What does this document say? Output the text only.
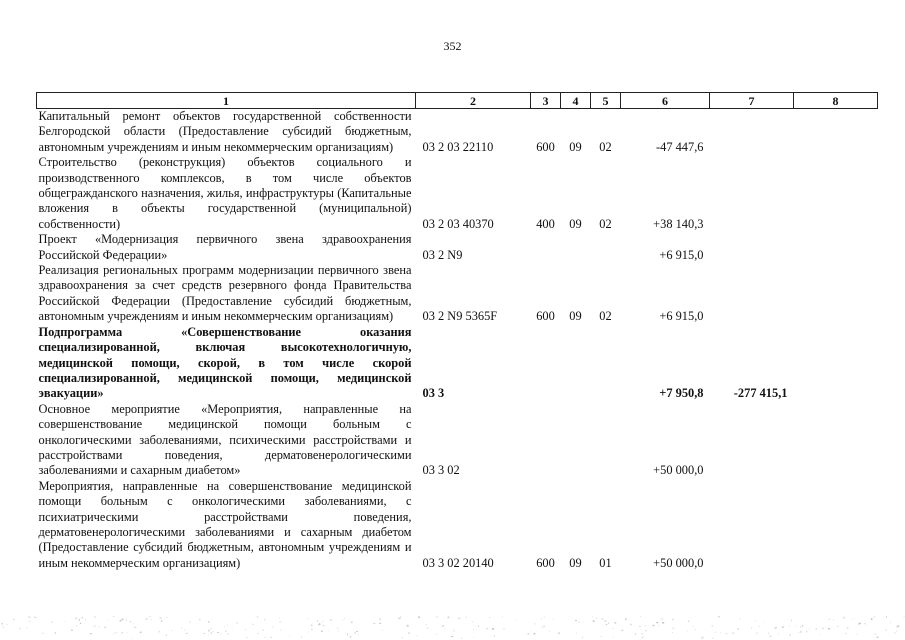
352
1	2	3	4	5	6	7	8
Капитальный ремонт объектов государственной собственности Белгородской области (Предоставление субсидий бюджетным, автономным учреждениям и иным некоммерческим организациям)	03 2 03 22110	600	09	02	-47 447,6		
Строительство (реконструкция) объектов социального и производственного комплексов, в том числе объектов общегражданского назначения, жилья, инфраструктуры (Капитальные вложения в объекты государственной (муниципальной) собственности)	03 2 03 40370	400	09	02	+38 140,3		
Проект «Модернизация первичного звена здравоохранения Российской Федерации»	03 2 N9				+6 915,0		
Реализация региональных программ модернизации первичного звена здравоохранения за счет средств резервного фонда Правительства Российской Федерации (Предоставление субсидий бюджетным, автономным учреждениям и иным некоммерческим организациям)	03 2 N9 5365F	600	09	02	+6 915,0		
Подпрограмма «Совершенствование оказания специализированной, включая высокотехнологичную, медицинской помощи, скорой, в том числе скорой специализированной, медицинской помощи, медицинской эвакуации»	03 3				+7 950,8	-277 415,1	
Основное мероприятие «Мероприятия, направленные на совершенствование медицинской помощи больным с онкологическими заболеваниями, психическими расстройствами и расстройствами поведения, дерматовенерологическими заболеваниями и сахарным диабетом»	03 3 02				+50 000,0		
Мероприятия, направленные на совершенствование медицинской помощи больным с онкологическими заболеваниями, с психиатрическими расстройствами поведения, дерматовенерологическими заболеваниями и сахарным диабетом (Предоставление субсидий бюджетным, автономным учреждениям и иным некоммерческим организациям)	03 3 02 20140	600	09	01	+50 000,0		
